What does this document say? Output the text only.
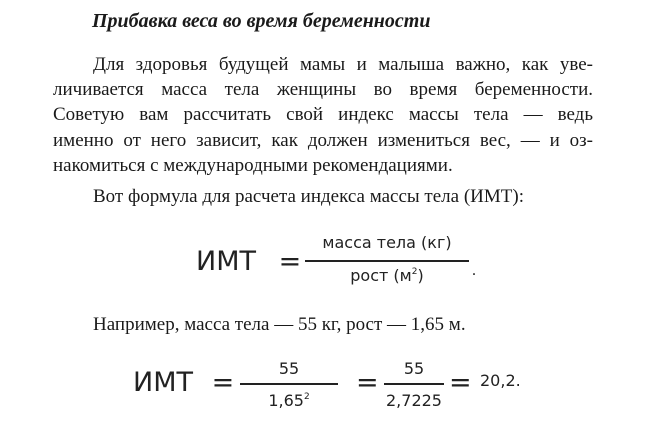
Прибавка веса во время беременности
Для здоровья будущей мамы и малыша важно, как уве-
личивается масса тела женщины во время беременности.
Советую вам рассчитать свой индекс массы тела — ведь
именно от него зависит, как должен измениться вес, — и оз-
накомиться с международными рекомендациями.
Вот формула для расчета индекса массы тела (ИМТ):
ИМТ =
масса тела (кг)
рост $(м^2)$	.
Например, масса тела — 55 кг, рост — 1,65 м.
ИМТ =	55
$1,65^2$	=	55
2,7225
= 20,2.
